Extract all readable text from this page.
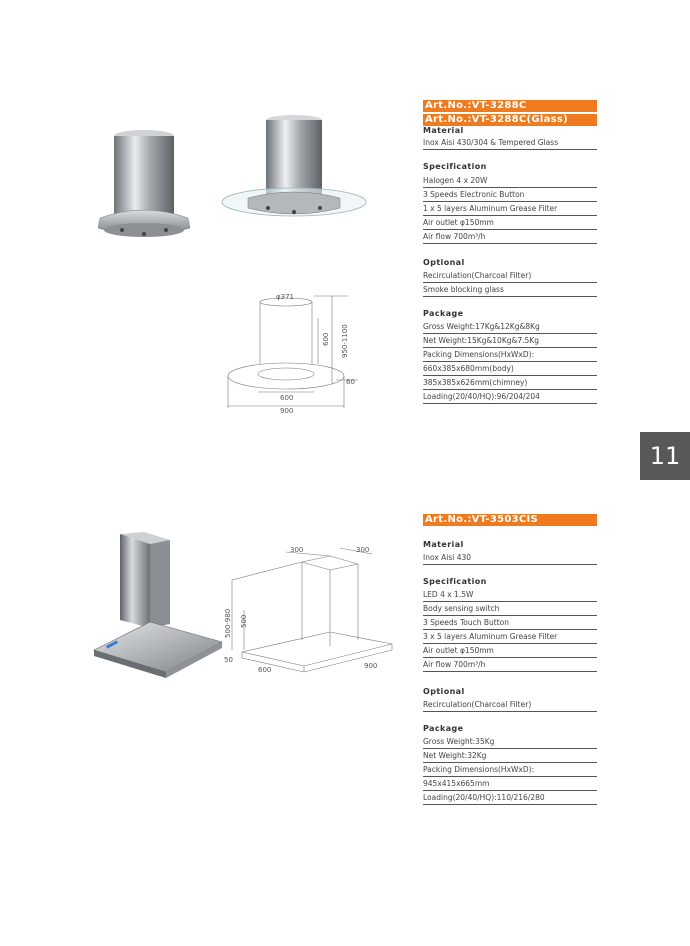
φ371
600 950-1100
60
600
900
Art.No.:VT-3288C
Art.No.:VT-3288C(Glass)
Material
Inox Aisi 430/304 & Tempered Glass
Specification
Halogen 4 x 20W
3 Speeds Electronic Button
1 x 5 layers Aluminum Grease Filter
Air outlet φ150mm
Air flow 700m³/h
Optional
Recirculation(Charcoal Filter)
Smoke blocking glass
Package
Gross Weight:17Kg&12Kg&8Kg
Net Weight:15Kg&10Kg&7.5Kg
Packing Dimensions(HxWxD):
660x385x680mm(body)
385x385x626mm(chimney)
Loading(20/40/HQ):96/204/204
11
300	300
500-980 500
50
600	900
Art.No.:VT-3503CIS
Material
Inox Aisi 430
Specification
LED 4 x 1.5W
Body sensing switch
3 Speeds Touch Button
3 x 5 layers Aluminum Grease Filter
Air outlet φ150mm
Air flow 700m³/h
Optional
Recirculation(Charcoal Filter)
Package
Gross Weight:35Kg
Net Weight:32Kg
Packing Dimensions(HxWxD):
945x415x665mm
Loading(20/40/HQ):110/216/280
